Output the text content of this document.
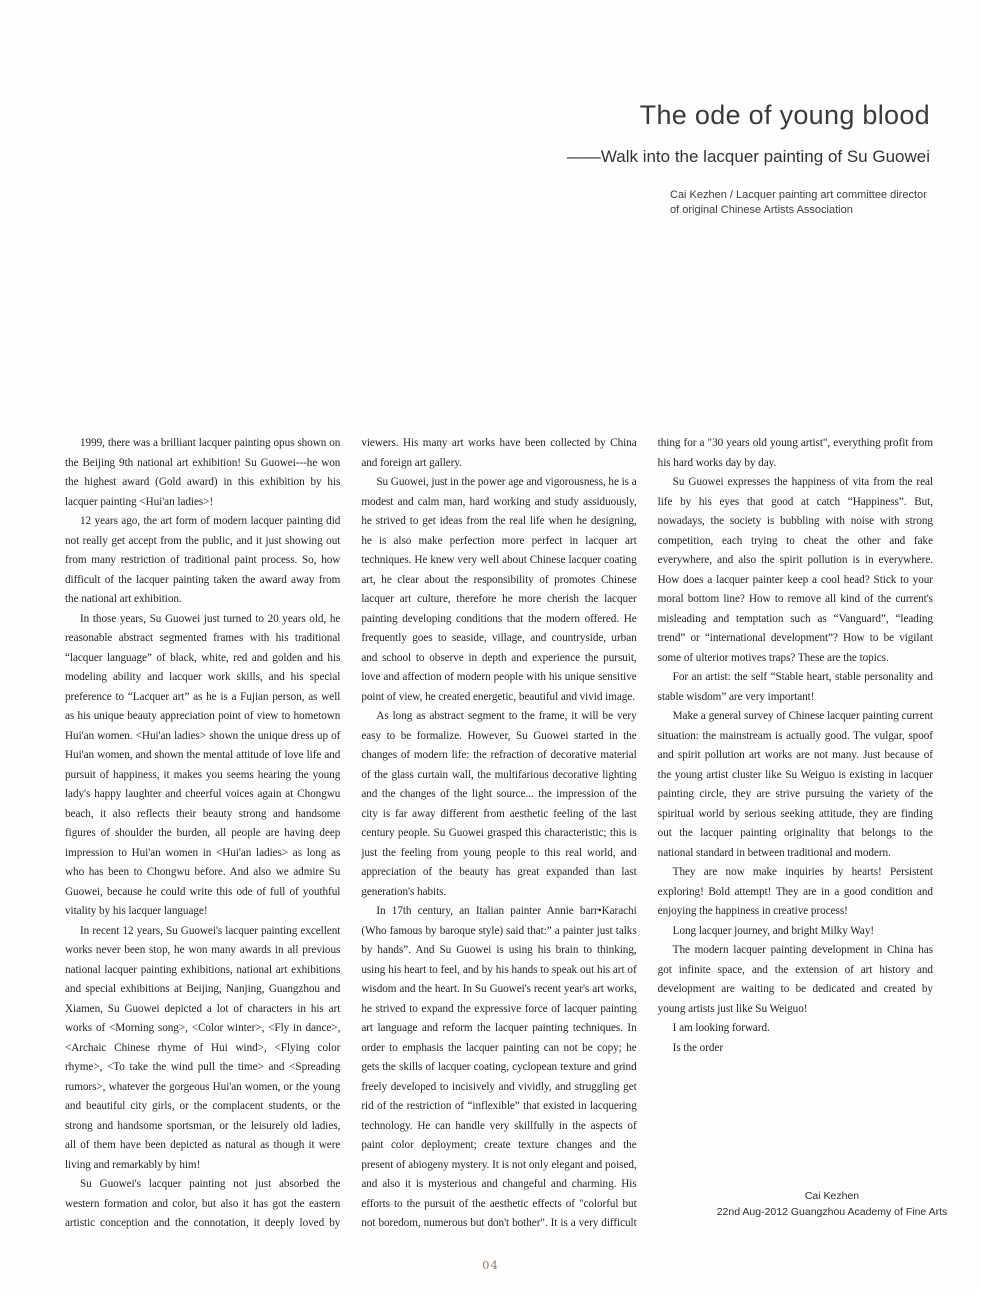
The ode of young blood
——Walk into the lacquer painting of Su Guowei
Cai Kezhen / Lacquer painting art committee director
of original Chinese Artists Association

1999, there was a brilliant lacquer painting opus shown on the Beijing 9th national art exhibition! Su Guowei---he won the highest award (Gold award) in this exhibition by his lacquer painting <Hui'an ladies>!

12 years ago, the art form of modern lacquer painting did not really get accept from the public, and it just showing out from many restriction of traditional paint process. So, how difficult of the lacquer painting taken the award away from the national art exhibition.

In those years, Su Guowei just turned to 20 years old, he reasonable abstract segmented frames with his traditional “lacquer language” of black, white, red and golden and his modeling ability and lacquer work skills, and his special preference to “Lacquer art” as he is a Fujian person, as well as his unique beauty appreciation point of view to hometown Hui'an women. <Hui'an ladies> shown the unique dress up of Hui'an women, and shown the mental attitude of love life and pursuit of happiness, it makes you seems hearing the young lady's happy laughter and cheerful voices again at Chongwu beach, it also reflects their beauty strong and handsome figures of shoulder the burden, all people are having deep impression to Hui'an women in <Hui'an ladies> as long as who has been to Chongwu before. And also we admire Su Guowei, because he could write this ode of full of youthful vitality by his lacquer language!

In recent 12 years, Su Guowei's lacquer painting excellent works never been stop, he won many awards in all previous national lacquer painting exhibitions, national art exhibitions and special exhibitions at Beijing, Nanjing, Guangzhou and Xiamen, Su Guowei depicted a lot of characters in his art works of <Morning song>, <Color winter>, <Fly in dance>, <Archaic Chinese rhyme of Hui wind>, <Flying color rhyme>, <To take the wind pull the time> and <Spreading rumors>, whatever the gorgeous Hui'an women, or the young and beautiful city girls, or the complacent students, or the strong and handsome sportsman, or the leisurely old ladies, all of them have been depicted as natural as though it were living and remarkably by him!

Su Guowei's lacquer painting not just absorbed the western formation and color, but also it has got the eastern artistic conception and the connotation, it deeply loved by viewers. His many art works have been collected by China and foreign art gallery.

Su Guowei, just in the power age and vigorousness, he is a modest and calm man, hard working and study assiduously, he strived to get ideas from the real life when he designing, he is also make perfection more perfect in lacquer art techniques. He knew very well about Chinese lacquer coating art, he clear about the responsibility of promotes Chinese lacquer art culture, therefore he more cherish the lacquer painting developing conditions that the modern offered. He frequently goes to seaside, village, and countryside, urban and school to observe in depth and experience the pursuit, love and affection of modern people with his unique sensitive point of view, he created energetic, beautiful and vivid image.

As long as abstract segment to the frame, it will be very easy to be formalize. However, Su Guowei started in the changes of modern life: the refraction of decorative material of the glass curtain wall, the multifarious decorative lighting and the changes of the light source... the impression of the city is far away different from aesthetic feeling of the last century people. Su Guowei grasped this characteristic; this is just the feeling from young people to this real world, and appreciation of the beauty has great expanded than last generation's habits.

In 17th century, an Italian painter Annie barr•Karachi (Who famous by baroque style) said that:” a painter just talks by hands”. And Su Guowei is using his brain to thinking, using his heart to feel, and by his hands to speak out his art of wisdom and the heart. In Su Guowei's recent year's art works, he strived to expand the expressive force of lacquer painting art language and reform the lacquer painting techniques. In order to emphasis the lacquer painting can not be copy; he gets the skills of lacquer coating, cyclopean texture and grind freely developed to incisively and vividly, and struggling get rid of the restriction of “inflexible” that existed in lacquering technology. He can handle very skillfully in the aspects of paint color deployment; create texture changes and the present of abiogeny mystery. It is not only elegant and poised, and also it is mysterious and changeful and charming. His efforts to the pursuit of the aesthetic effects of "colorful but not boredom, numerous but don't bother". It is a very difficult thing for a "30 years old young artist", everything profit from his hard works day by day.

Su Guowei expresses the happiness of vita from the real life by his eyes that good at catch “Happiness”. But, nowadays, the society is bubbling with noise with strong competition, each trying to cheat the other and fake everywhere, and also the spirit pollution is in everywhere. How does a lacquer painter keep a cool head? Stick to your moral bottom line? How to remove all kind of the current's misleading and temptation such as “Vanguard”, “leading trend” or “international development”? How to be vigilant some of ulterior motives traps? These are the topics.

For an artist: the self “Stable heart, stable personality and stable wisdom” are very important!

Make a general survey of Chinese lacquer painting current situation: the mainstream is actually good. The vulgar, spoof and spirit pollution art works are not many. Just because of the young artist cluster like Su Weiguo is existing in lacquer painting circle, they are strive pursuing the variety of the spiritual world by serious seeking attitude, they are finding out the lacquer painting originality that belongs to the national standard in between traditional and modern.

They are now make inquiries by hearts! Persistent exploring! Bold attempt! They are in a good condition and enjoying the happiness in creative process!

Long lacquer journey, and bright Milky Way!

The modern lacquer painting development in China has got infinite space, and the extension of art history and development are waiting to be dedicated and created by young artists just like Su Weiguo!

I am looking forward.

Is the order

Cai Kezhen
22nd Aug-2012 Guangzhou Academy of Fine Arts
04
